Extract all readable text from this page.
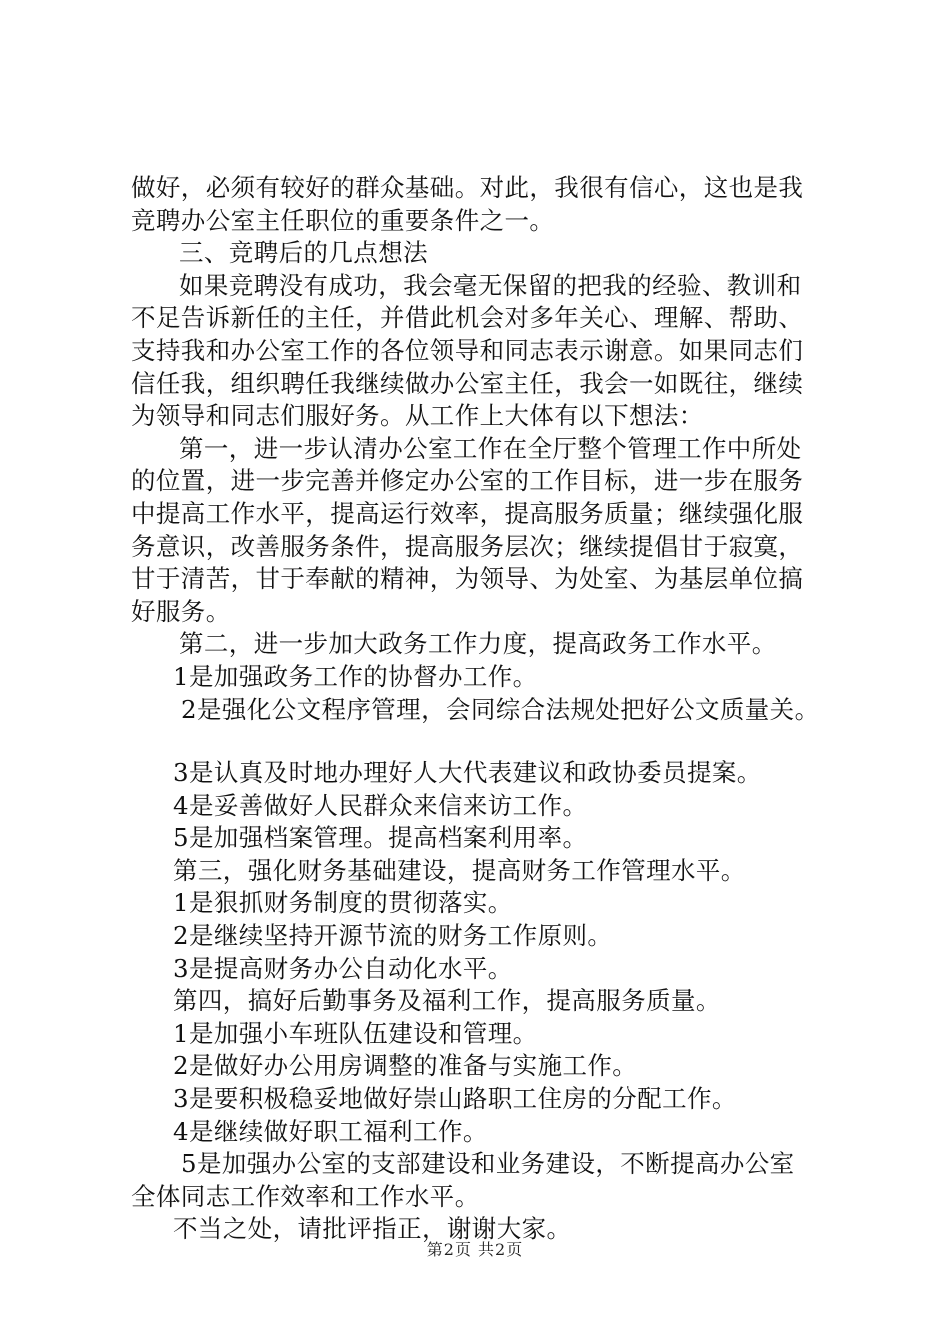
做好，必须有较好的群众基础。对此，我很有信心，这也是我
竞聘办公室主任职位的重要条件之一。
三、竞聘后的几点想法
如果竞聘没有成功，我会毫无保留的把我的经验、教训和
不足告诉新任的主任，并借此机会对多年关心、理解、帮助、
支持我和办公室工作的各位领导和同志表示谢意。如果同志们
信任我，组织聘任我继续做办公室主任，我会一如既往，继续
为领导和同志们服好务。从工作上大体有以下想法：
第一，进一步认清办公室工作在全厅整个管理工作中所处
的位置，进一步完善并修定办公室的工作目标，进一步在服务
中提高工作水平，提高运行效率，提高服务质量；继续强化服
务意识，改善服务条件，提高服务层次；继续提倡甘于寂寞，
甘于清苦，甘于奉献的精神，为领导、为处室、为基层单位搞
好服务。
第二，进一步加大政务工作力度，提高政务工作水平。
1是加强政务工作的协督办工作。
2是强化公文程序管理，会同综合法规处把好公文质量关。
3是认真及时地办理好人大代表建议和政协委员提案。
4是妥善做好人民群众来信来访工作。
5是加强档案管理。提高档案利用率。
第三，强化财务基础建设，提高财务工作管理水平。
1是狠抓财务制度的贯彻落实。
2是继续坚持开源节流的财务工作原则。
3是提高财务办公自动化水平。
第四，搞好后勤事务及福利工作，提高服务质量。
1是加强小车班队伍建设和管理。
2是做好办公用房调整的准备与实施工作。
3是要积极稳妥地做好崇山路职工住房的分配工作。
4是继续做好职工福利工作。
5是加强办公室的支部建设和业务建设，不断提高办公室
全体同志工作效率和工作水平。
不当之处，请批评指正，谢谢大家。
第2页 共2页
